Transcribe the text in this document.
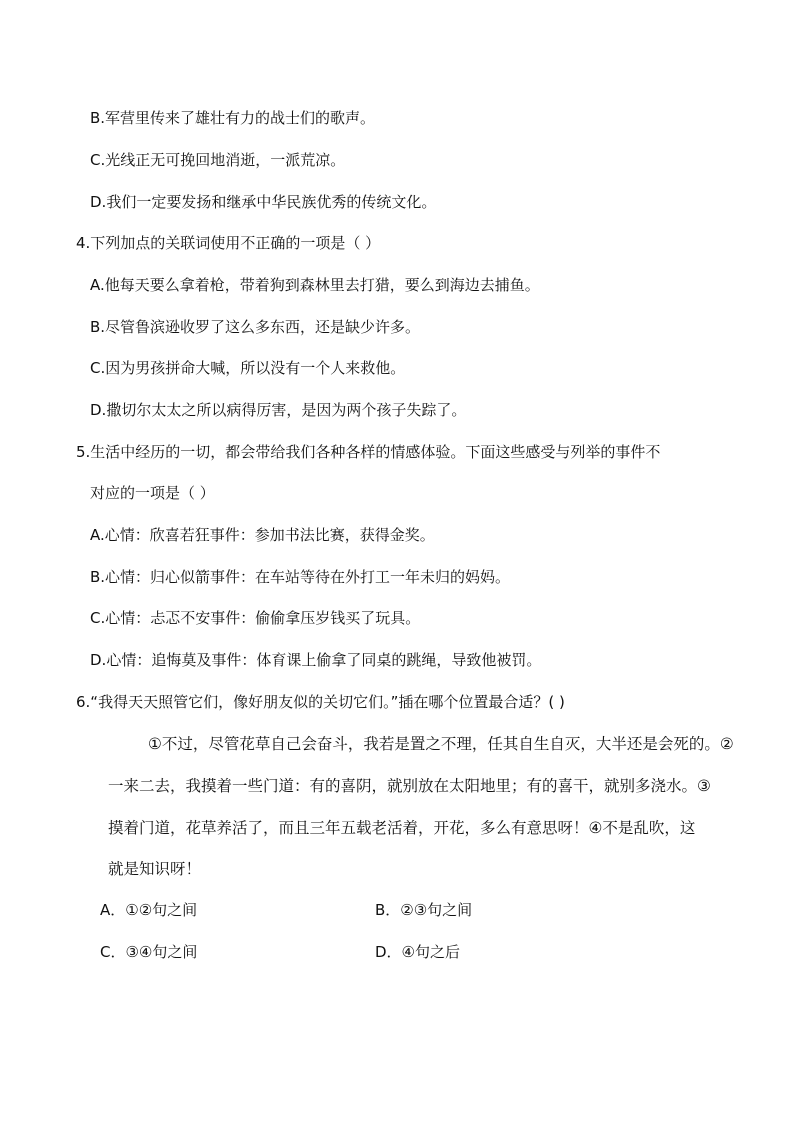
B.军营里传来了雄壮有力的战士们的歌声。
C.光线正无可挽回地消逝，一派荒凉。
D.我们一定要发扬和继承中华民族优秀的传统文化。
4.下列加点的关联词使用不正确的一项是（ ）
A.他每天要么拿着枪，带着狗到森林里去打猎，要么到海边去捕鱼。
B.尽管鲁滨逊收罗了这么多东西，还是缺少许多。
C.因为男孩拼命大喊，所以没有一个人来救他。
D.撒切尔太太之所以病得厉害，是因为两个孩子失踪了。
5.生活中经历的一切，都会带给我们各种各样的情感体验。下面这些感受与列举的事件不
对应的一项是（ ）
A.心情：欣喜若狂事件：参加书法比赛，获得金奖。
B.心情：归心似箭事件：在车站等待在外打工一年未归的妈妈。
C.心情：忐忑不安事件：偷偷拿压岁钱买了玩具。
D.心情：追悔莫及事件：体育课上偷拿了同桌的跳绳，导致他被罚。
6.“我得天天照管它们，像好朋友似的关切它们。”插在哪个位置最合适？( )
①不过，尽管花草自己会奋斗，我若是置之不理，任其自生自灭，大半还是会死的。②
一来二去，我摸着一些门道：有的喜阴，就别放在太阳地里；有的喜干，就别多浇水。③
摸着门道，花草养活了，而且三年五载老活着，开花，多么有意思呀！④不是乱吹，这
就是知识呀！
A．①②句之间	B．②③句之间
C．③④句之间	D．④句之后
